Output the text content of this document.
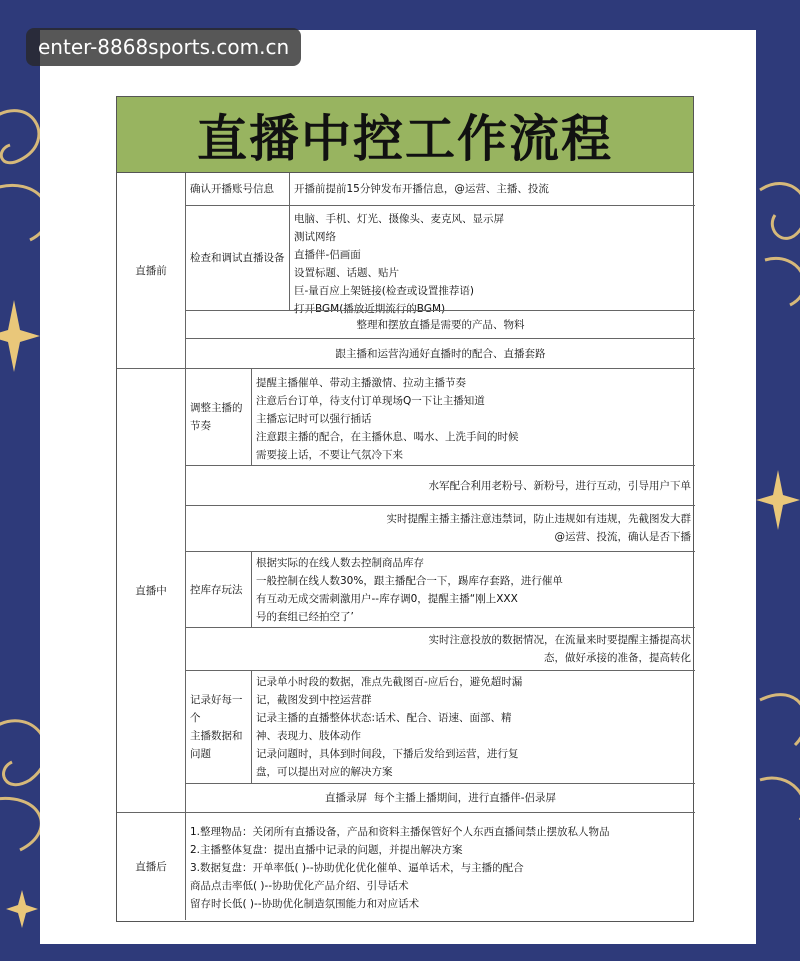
enter-8868sports.com.cn
直播中控工作流程
直播前
确认开播账号信息	开播前提前15分钟发布开播信息，@运营、主播、投流
检查和调试直播设备
电脑、手机、灯光、摄像头、麦克风、显示屏
测试网络
直播伴-侣画面
设置标题、话题、贴片
巨-量百应上架链接(检查或设置推荐语)
打开BGM(播放近期流行的BGM)
整理和摆放直播是需要的产品、物料
跟主播和运营沟通好直播时的配合、直播套路
直播中
调整主播的
节奏
提醒主播催单、带动主播激情、拉动主播节奏
注意后台订单，待支付订单现场Q一下让主播知道
主播忘记时可以强行插话
注意跟主播的配合，在主播休息、喝水、上洗手间的时候
需要接上话，不要让气氛冷下来
水军配合利用老粉号、新粉号，进行互动，引导用户下单
实时提醒主播主播注意违禁词，防止违规如有违规，先截图发大群
@运营、投流，确认是否下播
控库存玩法
根据实际的在线人数去控制商品库存
一般控制在线人数30%，跟主播配合一下，踢库存套路，进行催单
有互动无成交需刺激用户--库存调0，提醒主播“刚上XXX
号的套组已经拍空了’
实时注意投放的数据情况，在流量来时要提醒主播提高状
态，做好承接的准备，提高转化
记录好每一
个
主播数据和
问题
记录单小时段的数据，准点先截图百-应后台，避免超时漏
记，截图发到中控运营群
记录主播的直播整体状态:话术、配合、语速、面部、精
神、表现力、肢体动作
记录问题时，具体到时间段，下播后发给到运营，进行复
盘，可以提出对应的解决方案
直播录屏  每个主播上播期间，进行直播伴-侣录屏
直播后
1.整理物品：关闭所有直播设备，产品和资料主播保管好个人东西直播间禁止摆放私人物品
2.主播整体复盘：提出直播中记录的问题，并提出解决方案
3.数据复盘：开单率低( )--协助优化优化催单、逼单话术，与主播的配合
商品点击率低( )--协助优化产品介绍、引导话术
留存时长低( )--协助优化制造氛围能力和对应话术
